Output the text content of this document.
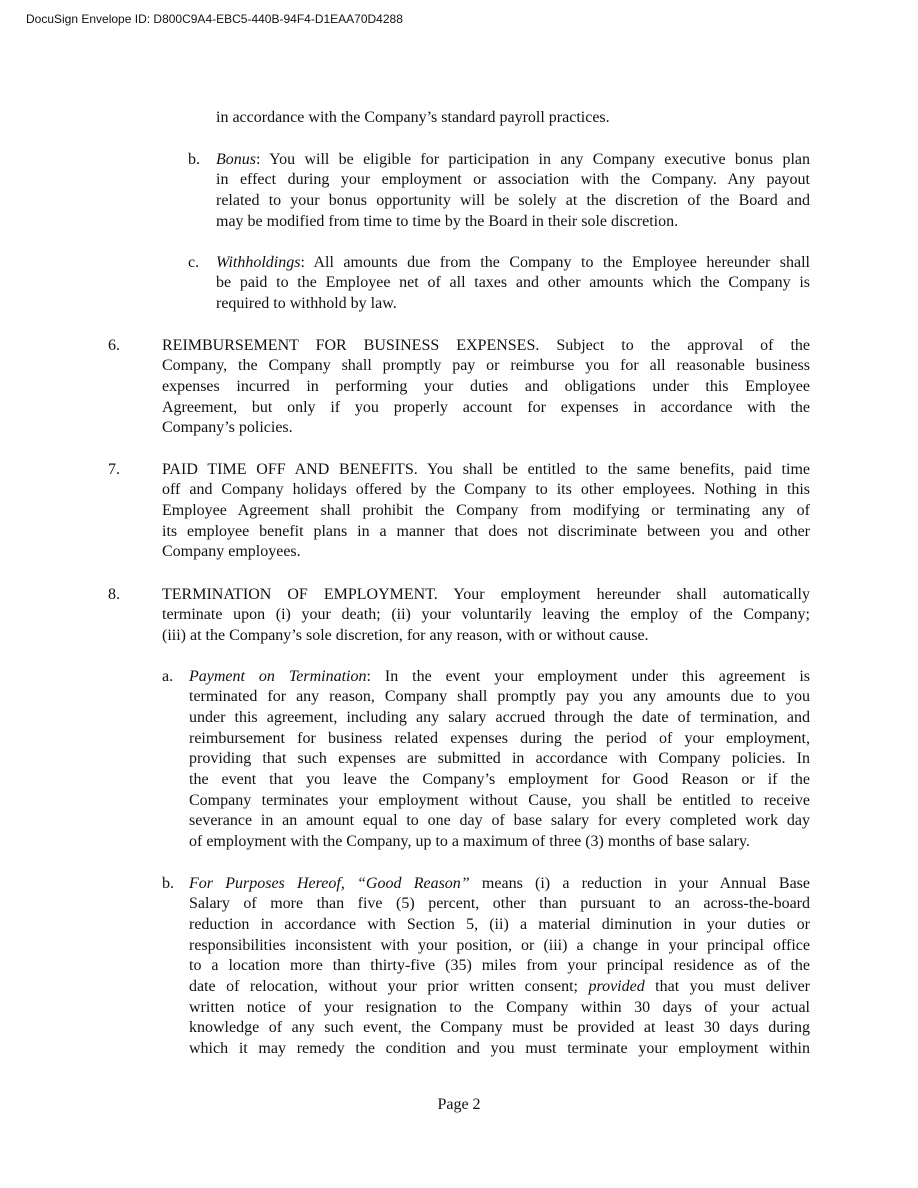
DocuSign Envelope ID: D800C9A4-EBC5-440B-94F4-D1EAA70D4288
in accordance with the Company’s standard payroll practices.
b. Bonus: You will be eligible for participation in any Company executive bonus plan
in effect during your employment or association with the Company. Any payout
related to your bonus opportunity will be solely at the discretion of the Board and
may be modified from time to time by the Board in their sole discretion.
c. Withholdings: All amounts due from the Company to the Employee hereunder shall
be paid to the Employee net of all taxes and other amounts which the Company is
required to withhold by law.
6.	REIMBURSEMENT FOR BUSINESS EXPENSES. Subject to the approval of the
Company, the Company shall promptly pay or reimburse you for all reasonable business
expenses incurred in performing your duties and obligations under this Employee
Agreement, but only if you properly account for expenses in accordance with the
Company’s policies.
7.	PAID TIME OFF AND BENEFITS. You shall be entitled to the same benefits, paid time
off and Company holidays offered by the Company to its other employees. Nothing in this
Employee Agreement shall prohibit the Company from modifying or terminating any of
its employee benefit plans in a manner that does not discriminate between you and other
Company employees.
8.	TERMINATION OF EMPLOYMENT. Your employment hereunder shall automatically
terminate upon (i) your death; (ii) your voluntarily leaving the employ of the Company;
(iii) at the Company’s sole discretion, for any reason, with or without cause.
a. Payment on Termination: In the event your employment under this agreement is
terminated for any reason, Company shall promptly pay you any amounts due to you
under this agreement, including any salary accrued through the date of termination, and
reimbursement for business related expenses during the period of your employment,
providing that such expenses are submitted in accordance with Company policies. In
the event that you leave the Company’s employment for Good Reason or if the
Company terminates your employment without Cause, you shall be entitled to receive
severance in an amount equal to one day of base salary for every completed work day
of employment with the Company, up to a maximum of three (3) months of base salary.
b. For Purposes Hereof, “Good Reason” means (i) a reduction in your Annual Base
Salary of more than five (5) percent, other than pursuant to an across-the-board
reduction in accordance with Section 5, (ii) a material diminution in your duties or
responsibilities inconsistent with your position, or (iii) a change in your principal office
to a location more than thirty-five (35) miles from your principal residence as of the
date of relocation, without your prior written consent; provided that you must deliver
written notice of your resignation to the Company within 30 days of your actual
knowledge of any such event, the Company must be provided at least 30 days during
which it may remedy the condition and you must terminate your employment within
Page 2
